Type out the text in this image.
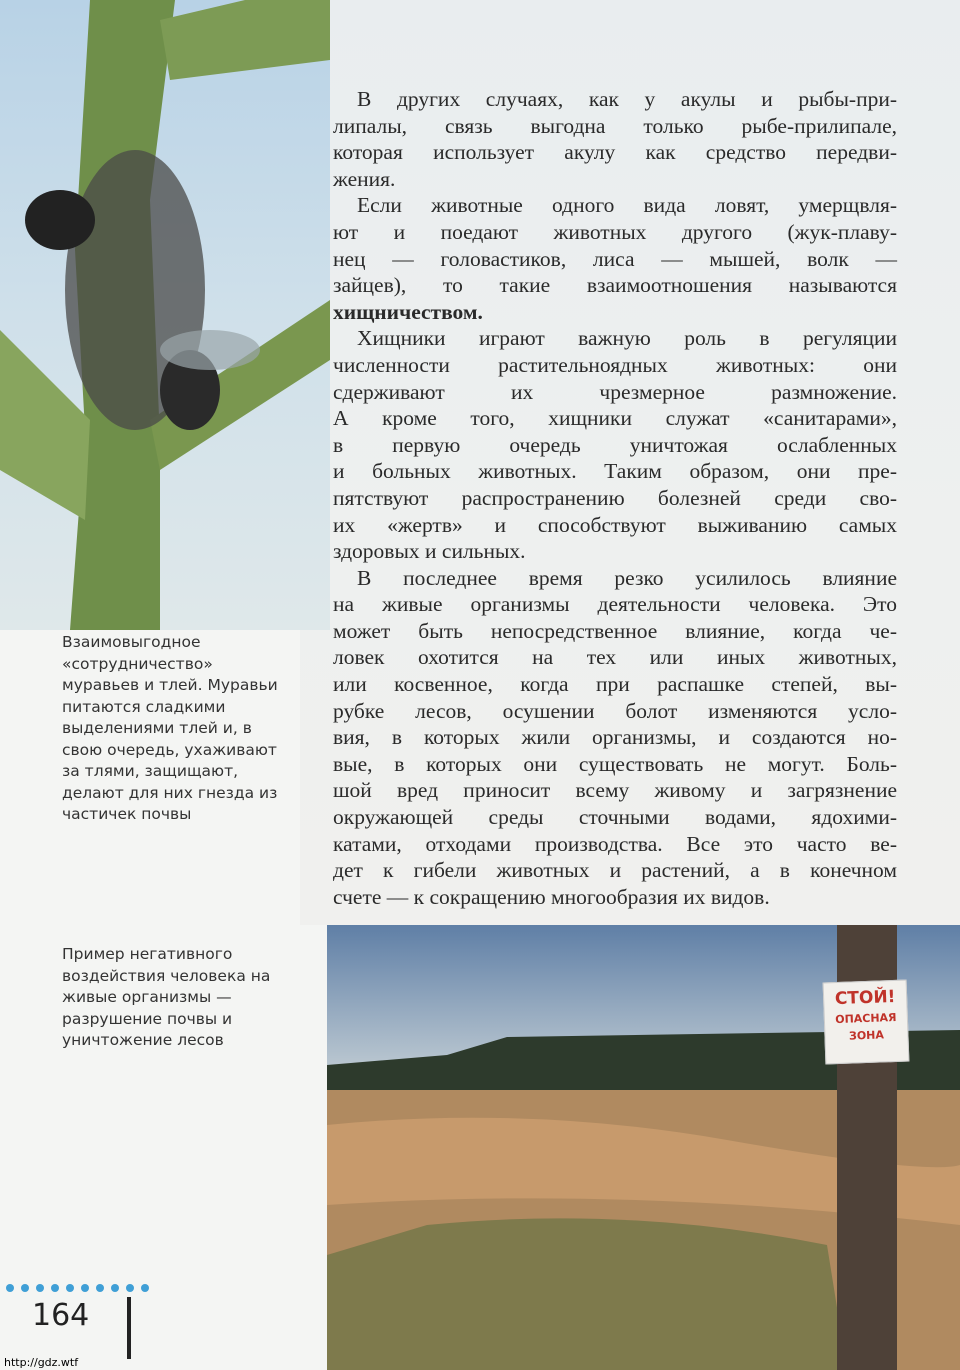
В других случаях, как у акулы и рыбы-при-
липалы, связь выгодна только рыбе-прилипале,
которая использует акулу как средство передви-
жения.
Если животные одного вида ловят, умерщвля-
ют и поедают животных другого (жук-плаву-
нец — головастиков, лиса — мышей, волк —
зайцев), то такие взаимоотношения называются
хищничеством.
Хищники играют важную роль в регуляции
численности растительноядных животных: они
сдерживают их чрезмерное размножение.
А кроме того, хищники служат «санитарами»,
в первую очередь уничтожая ослабленных
и больных животных. Таким образом, они пре-
пятствуют распространению болезней среди сво-
их «жертв» и способствуют выживанию самых
здоровых и сильных.
В последнее время резко усилилось влияние
на живые организмы деятельности человека. Это
может быть непосредственное влияние, когда че-
ловек охотится на тех или иных животных,
или косвенное, когда при распашке степей, вы-
рубке лесов, осушении болот изменяются усло-
вия, в которых жили организмы, и создаются но-
вые, в которых они существовать не могут. Боль-
шой вред приносит всему живому и загрязнение
окружающей среды сточными водами, ядохими-
катами, отходами производства. Все это часто ве-
дет к гибели животных и растений, а в конечном
счете — к сокращению многообразия их видов.
Взаимовыгодное «сотрудничество» муравьев и тлей. Муравьи питаются сладкими выделениями тлей и, в свою очередь, ухаживают за тлями, защищают, делают для них гнезда из частичек почвы
Пример негативного воздействия человека на живые организмы — разрушение почвы и уничтожение лесов
СТОЙ!
ОПАСНАЯ
ЗОНА
164
http://gdz.wtf
